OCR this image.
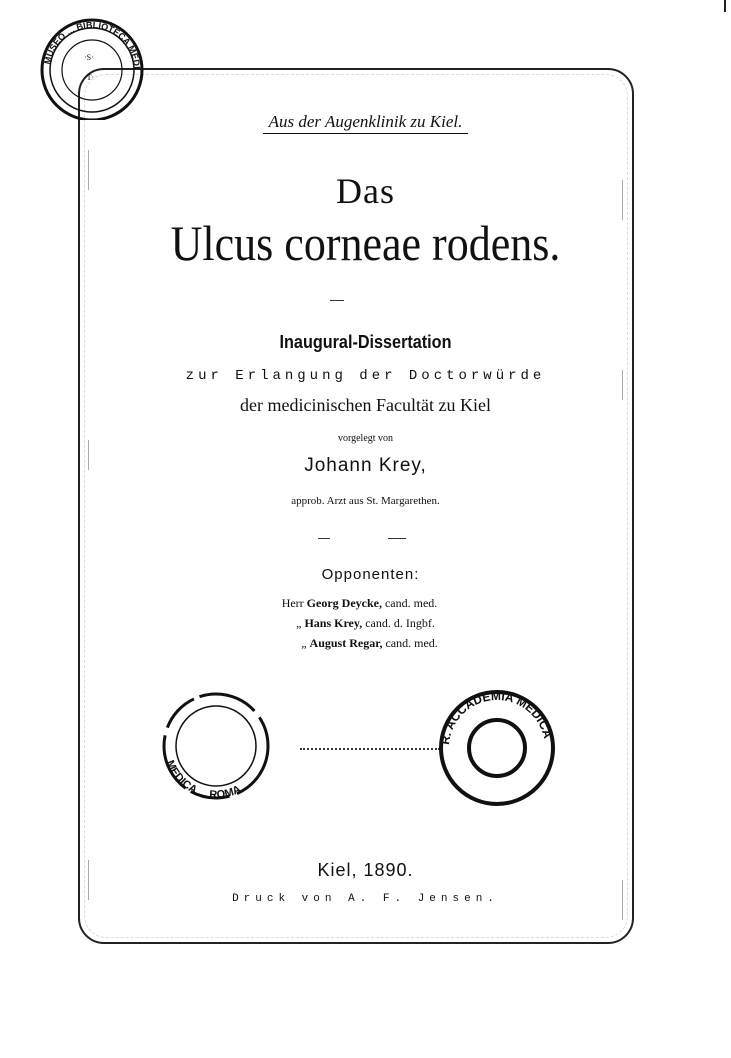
MUSEO ... BIBLIOTECA MEDI
·S·
·T·
Aus der Augenklinik zu Kiel.
Das
Ulcus corneae rodens.
Inaugural-Dissertation
zur Erlangung der Doctorwürde
der medicinischen Facultät zu Kiel
vorgelegt von
Johann Krey,
approb. Arzt aus St. Margarethen.
Opponenten:
Herr Georg Deycke, cand. med.
„ Hans Krey, cand. d. Ingbf.
„ August Regar, cand. med.
MEDICA ... ROMA
R. ACCADEMIA MEDICA
Kiel, 1890.
Druck von A. F. Jensen.
